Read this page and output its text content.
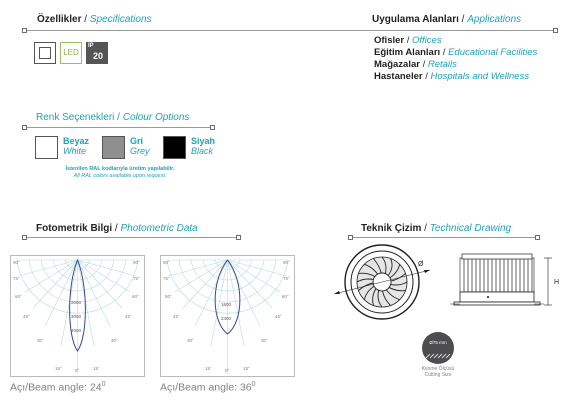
Özellikler / Specifications
LED
IP
20
Uygulama Alanları / Applications
Ofisler / Offices
Eğitim Alanları / Educational Facilities
Mağazalar / Retails
Hastaneler / Hospitals and Wellness
Renk Seçenekleri / Colour Options
Beyaz
White
Gri
Grey
Siyah
Black
İstenilen RAL kodlarıyla üretim yapılabilir.
All RAL colors available upon request.
Fotometrik Bilgi / Photometric Data
90°	90°
75°	75°
60°	60°
45°	45°
30°	30°
15°	15°
0°
2000
3000
4000
Açı/Beam angle: $24^0$
90°	90°
75°	75°
60°	60°
45°	45°
30°	30°
15°	15°
0°
1600
2400
Açı/Beam angle: $36^0$
Teknik Çizim / Technical Drawing
Ø
H
Ø75 mm
Kesme Ölçüsü
Cutting Size
